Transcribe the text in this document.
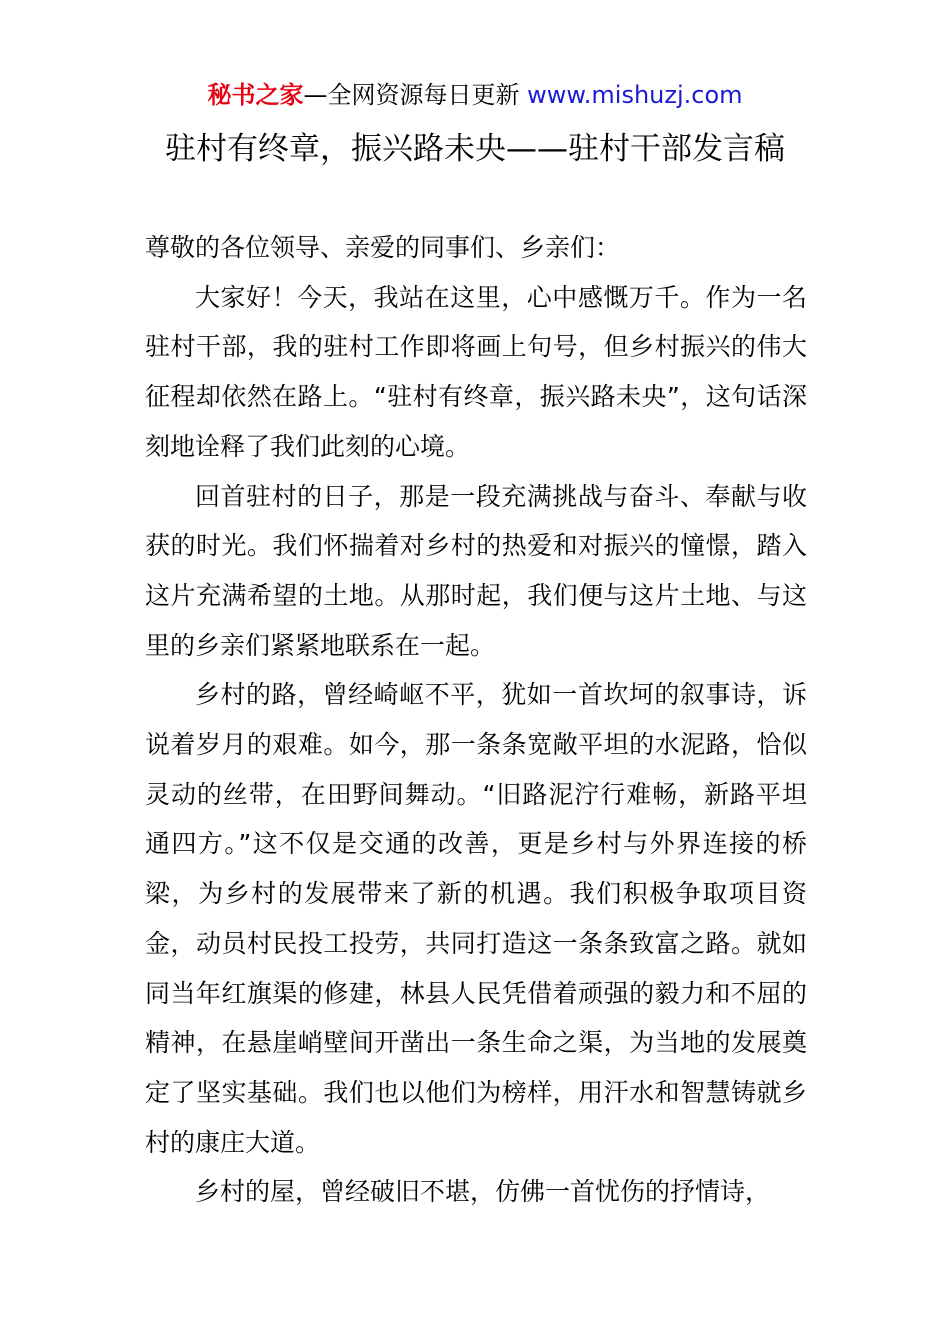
秘书之家—全网资源每日更新 www.mishuzj.com
驻村有终章，振兴路未央——驻村干部发言稿

尊敬的各位领导、亲爱的同事们、乡亲们：

大家好！今天，我站在这里，心中感慨万千。作为一名驻村干部，我的驻村工作即将画上句号，但乡村振兴的伟大征程却依然在路上。“驻村有终章，振兴路未央”，这句话深刻地诠释了我们此刻的心境。

回首驻村的日子，那是一段充满挑战与奋斗、奉献与收获的时光。我们怀揣着对乡村的热爱和对振兴的憧憬，踏入这片充满希望的土地。从那时起，我们便与这片土地、与这里的乡亲们紧紧地联系在一起。

乡村的路，曾经崎岖不平，犹如一首坎坷的叙事诗，诉说着岁月的艰难。如今，那一条条宽敞平坦的水泥路，恰似灵动的丝带，在田野间舞动。“旧路泥泞行难畅，新路平坦通四方。”这不仅是交通的改善，更是乡村与外界连接的桥梁，为乡村的发展带来了新的机遇。我们积极争取项目资金，动员村民投工投劳，共同打造这一条条致富之路。就如同当年红旗渠的修建，林县人民凭借着顽强的毅力和不屈的精神，在悬崖峭壁间开凿出一条生命之渠，为当地的发展奠定了坚实基础。我们也以他们为榜样，用汗水和智慧铸就乡村的康庄大道。

乡村的屋，曾经破旧不堪，仿佛一首忧伤的抒情诗，
